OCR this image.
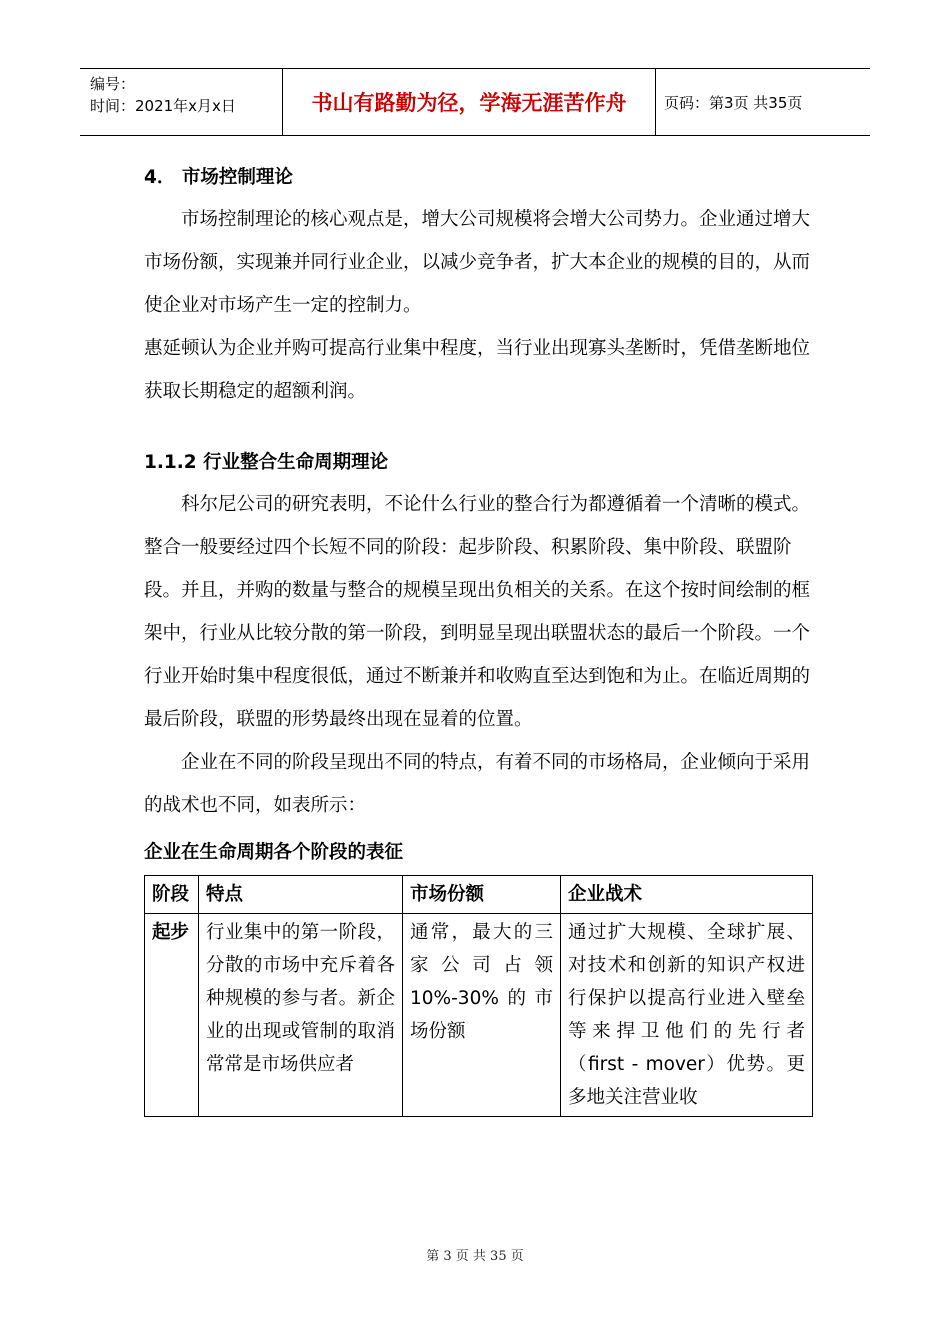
编号：
时间：2021年x月x日	书山有路勤为径，学海无涯苦作舟	页码：第3页 共35页

4． 市场控制理论

市场控制理论的核心观点是，增大公司规模将会增大公司势力。企业通过增大市场份额，实现兼并同行业企业，以减少竞争者，扩大本企业的规模的目的，从而使企业对市场产生一定的控制力。

惠延顿认为企业并购可提高行业集中程度，当行业出现寡头垄断时，凭借垄断地位获取长期稳定的超额利润。

1.1.2 行业整合生命周期理论

科尔尼公司的研究表明，不论什么行业的整合行为都遵循着一个清晰的模式。整合一般要经过四个长短不同的阶段：起步阶段、积累阶段、集中阶段、联盟阶段。并且，并购的数量与整合的规模呈现出负相关的关系。在这个按时间绘制的框架中，行业从比较分散的第一阶段，到明显呈现出联盟状态的最后一个阶段。一个行业开始时集中程度很低，通过不断兼并和收购直至达到饱和为止。在临近周期的最后阶段，联盟的形势最终出现在显着的位置。

企业在不同的阶段呈现出不同的特点，有着不同的市场格局，企业倾向于采用的战术也不同，如表所示：

企业在生命周期各个阶段的表征

阶段	特点	市场份额	企业战术
起步	行业集中的第一阶段，分散的市场中充斥着各种规模的参与者。新企业的出现或管制的取消常常是市场供应者	通常，最大的三家公司占领10%-30%的市场份额	通过扩大规模、全球扩展、对技术和创新的知识产权进行保护以提高行业进入壁垒等来捍卫他们的先行者（first - mover）优势。更多地关注营业收
第 3 页 共 35 页
